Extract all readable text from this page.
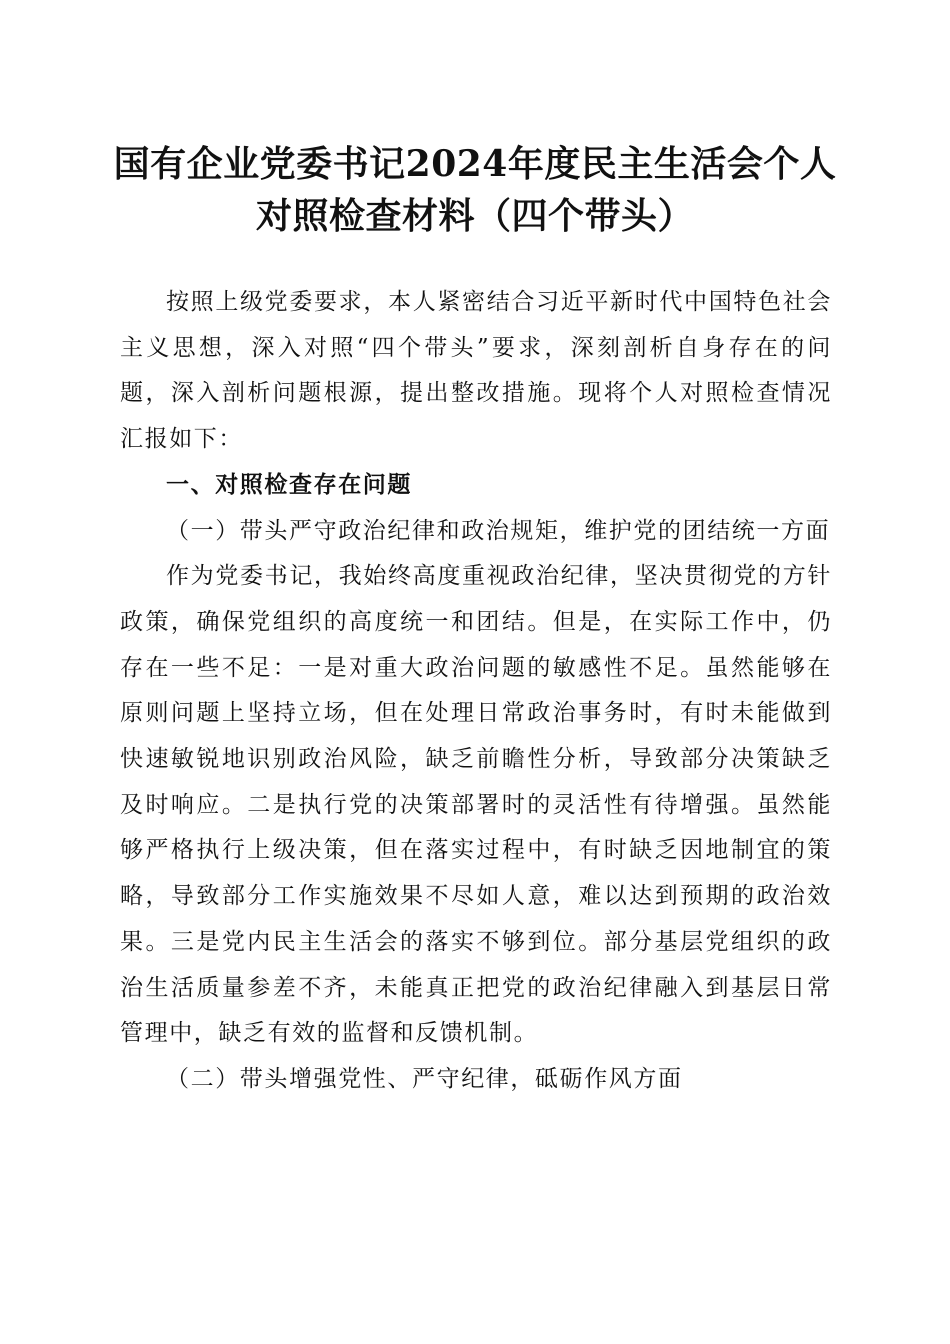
国有企业党委书记2024年度民主生活会个人
对照检查材料（四个带头）

按照上级党委要求，本人紧密结合习近平新时代中国特色社会主义思想，深入对照“四个带头”要求，深刻剖析自身存在的问题，深入剖析问题根源，提出整改措施。现将个人对照检查情况汇报如下：

一、对照检查存在问题

（一）带头严守政治纪律和政治规矩，维护党的团结统一方面

作为党委书记，我始终高度重视政治纪律，坚决贯彻党的方针政策，确保党组织的高度统一和团结。但是，在实际工作中，仍存在一些不足：一是对重大政治问题的敏感性不足。虽然能够在原则问题上坚持立场，但在处理日常政治事务时，有时未能做到快速敏锐地识别政治风险，缺乏前瞻性分析，导致部分决策缺乏及时响应。二是执行党的决策部署时的灵活性有待增强。虽然能够严格执行上级决策，但在落实过程中，有时缺乏因地制宜的策略，导致部分工作实施效果不尽如人意，难以达到预期的政治效果。三是党内民主生活会的落实不够到位。部分基层党组织的政治生活质量参差不齐，未能真正把党的政治纪律融入到基层日常管理中，缺乏有效的监督和反馈机制。

（二）带头增强党性、严守纪律，砥砺作风方面
